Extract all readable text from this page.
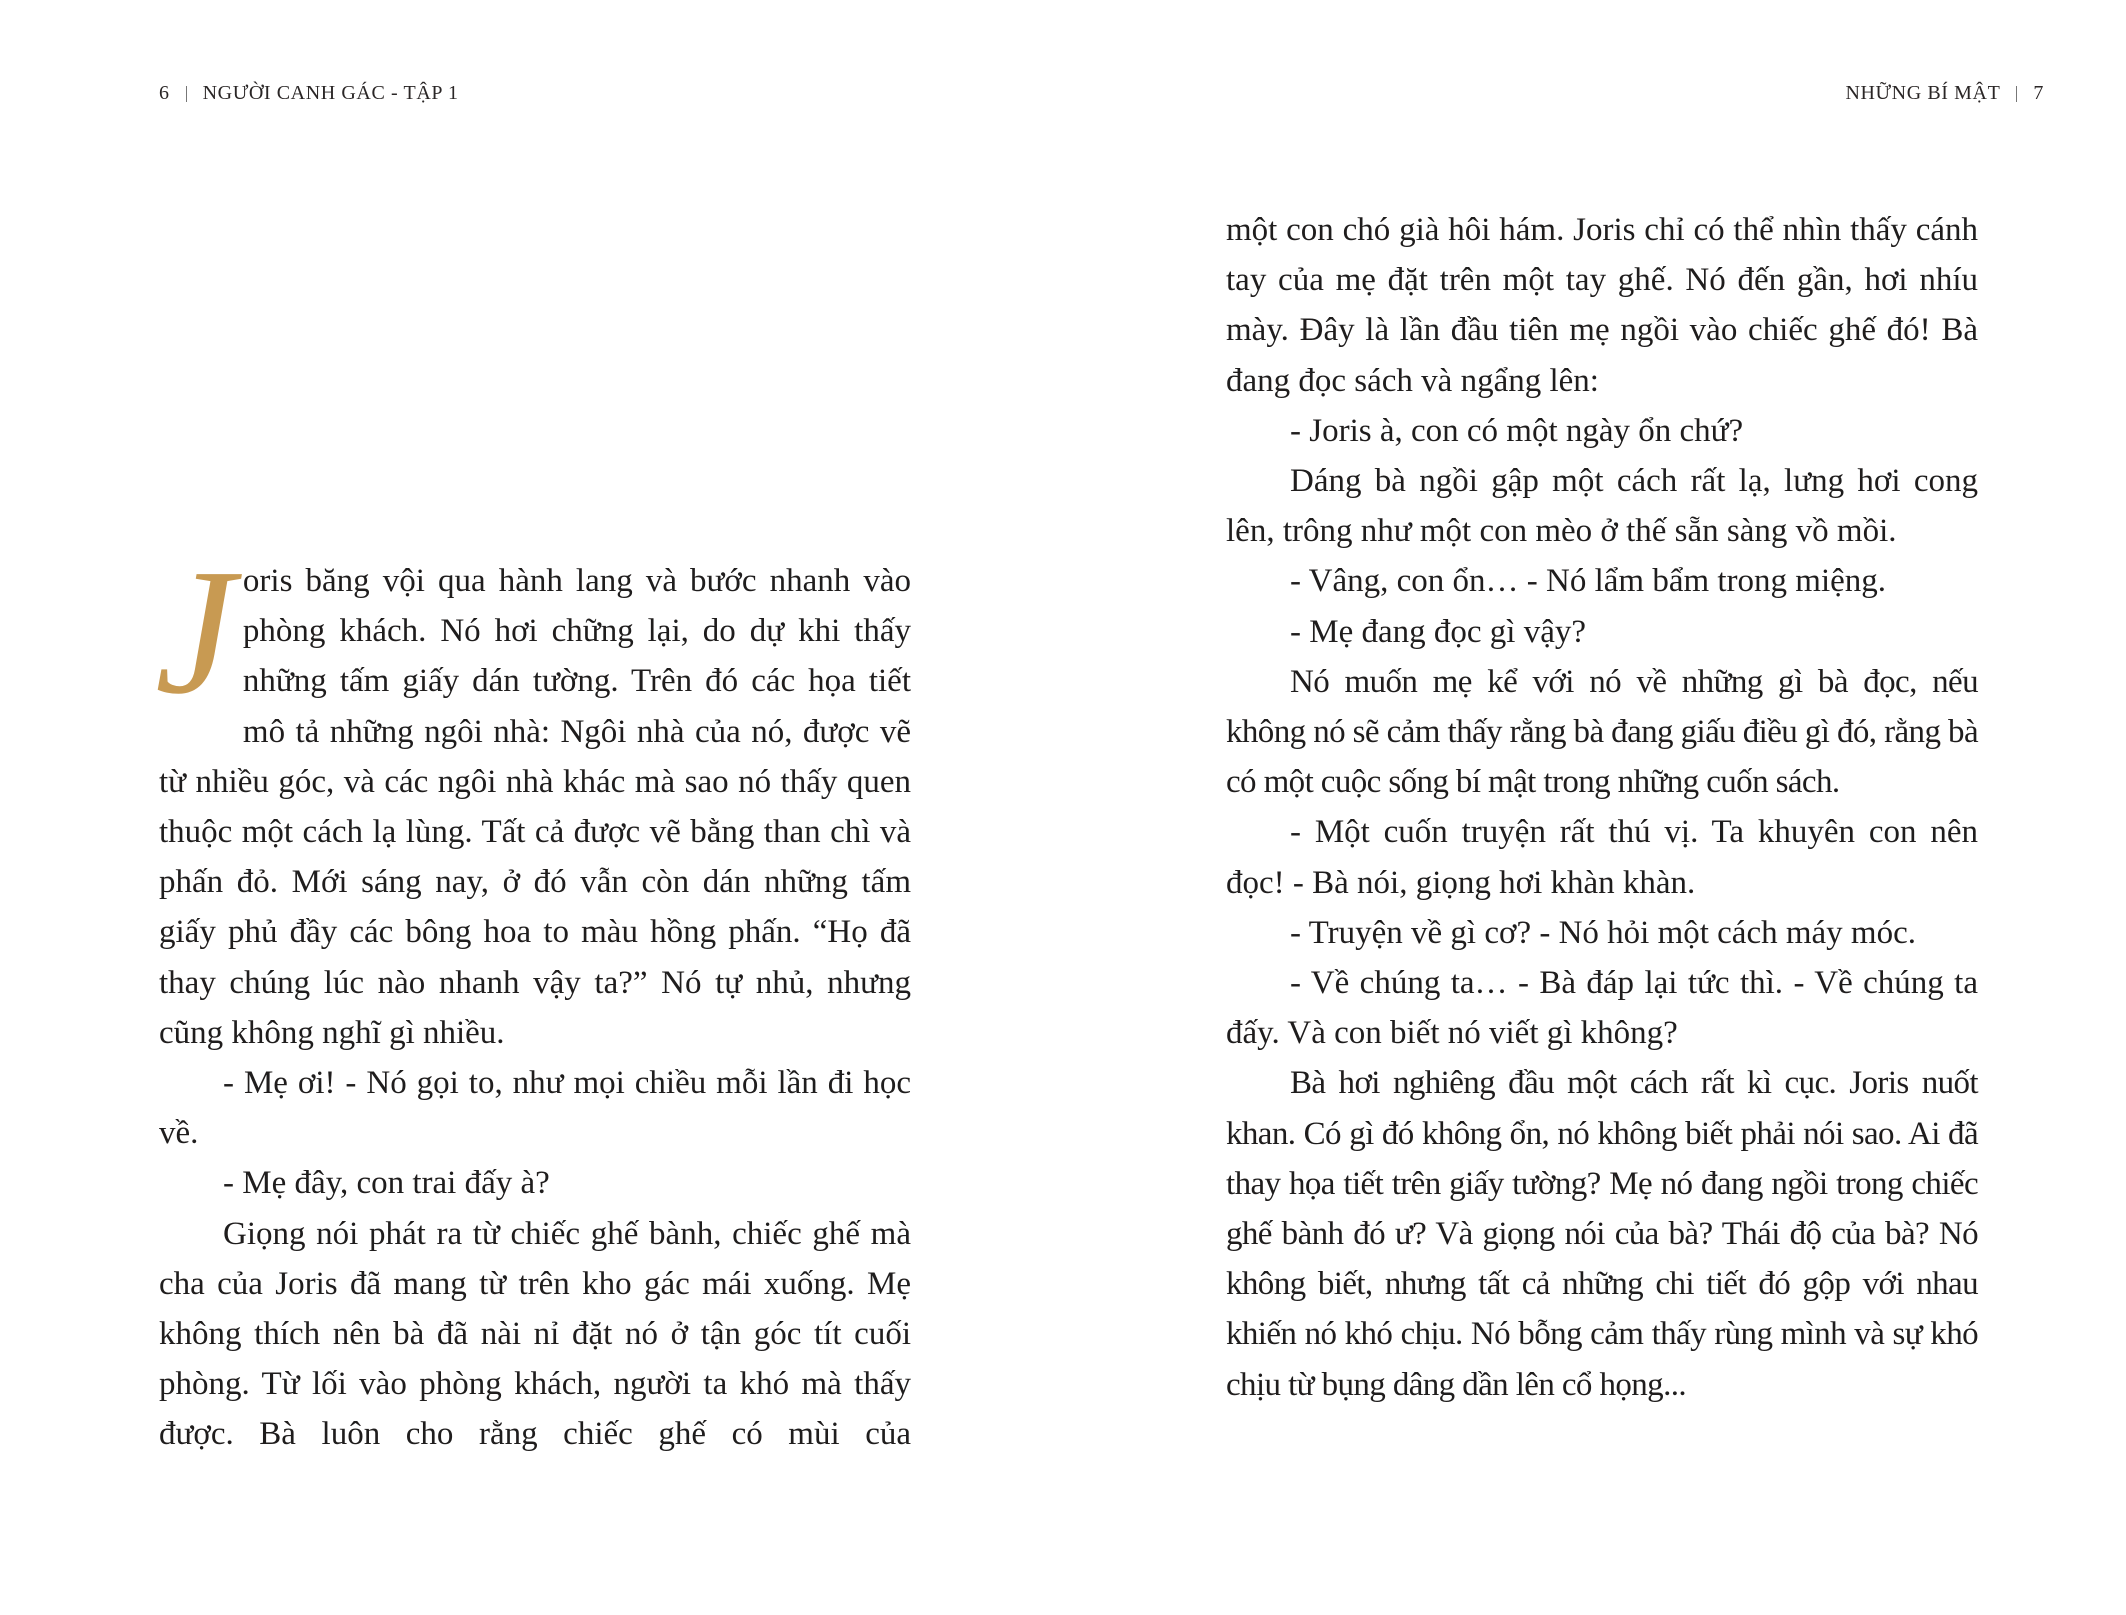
6 NGƯỜI CANH GÁC - TẬP 1

Joris băng vội qua hành lang và bước nhanh vào phòng khách. Nó hơi chững lại, do dự khi thấy những tấm giấy dán tường. Trên đó các họa tiết mô tả những ngôi nhà: Ngôi nhà của nó, được vẽ từ nhiều góc, và các ngôi nhà khác mà sao nó thấy quen thuộc một cách lạ lùng. Tất cả được vẽ bằng than chì và phấn đỏ. Mới sáng nay, ở đó vẫn còn dán những tấm giấy phủ đầy các bông hoa to màu hồng phấn. “Họ đã thay chúng lúc nào nhanh vậy ta?” Nó tự nhủ, nhưng cũng không nghĩ gì nhiều.

- Mẹ ơi! - Nó gọi to, như mọi chiều mỗi lần đi học về.

- Mẹ đây, con trai đấy à?

Giọng nói phát ra từ chiếc ghế bành, chiếc ghế mà cha của Joris đã mang từ trên kho gác mái xuống. Mẹ không thích nên bà đã nài nỉ đặt nó ở tận góc tít cuối phòng. Từ lối vào phòng khách, người ta khó mà thấy được. Bà luôn cho rằng chiếc ghế có mùi của

NHỮNG BÍ MẬT 7

một con chó già hôi hám. Joris chỉ có thể nhìn thấy cánh tay của mẹ đặt trên một tay ghế. Nó đến gần, hơi nhíu mày. Đây là lần đầu tiên mẹ ngồi vào chiếc ghế đó! Bà đang đọc sách và ngẩng lên:

- Joris à, con có một ngày ổn chứ?

Dáng bà ngồi gập một cách rất lạ, lưng hơi cong lên, trông như một con mèo ở thế sẵn sàng vồ mồi.

- Vâng, con ổn… - Nó lẩm bẩm trong miệng.

- Mẹ đang đọc gì vậy?

Nó muốn mẹ kể với nó về những gì bà đọc, nếu không nó sẽ cảm thấy rằng bà đang giấu điều gì đó, rằng bà có một cuộc sống bí mật trong những cuốn sách.

- Một cuốn truyện rất thú vị. Ta khuyên con nên đọc! - Bà nói, giọng hơi khàn khàn.

- Truyện về gì cơ? - Nó hỏi một cách máy móc.

- Về chúng ta… - Bà đáp lại tức thì. - Về chúng ta đấy. Và con biết nó viết gì không?

Bà hơi nghiêng đầu một cách rất kì cục. Joris nuốt khan. Có gì đó không ổn, nó không biết phải nói sao. Ai đã thay họa tiết trên giấy tường? Mẹ nó đang ngồi trong chiếc ghế bành đó ư? Và giọng nói của bà? Thái độ của bà? Nó không biết, nhưng tất cả những chi tiết đó gộp với nhau khiến nó khó chịu. Nó bỗng cảm thấy rùng mình và sự khó chịu từ bụng dâng dần lên cổ họng...
